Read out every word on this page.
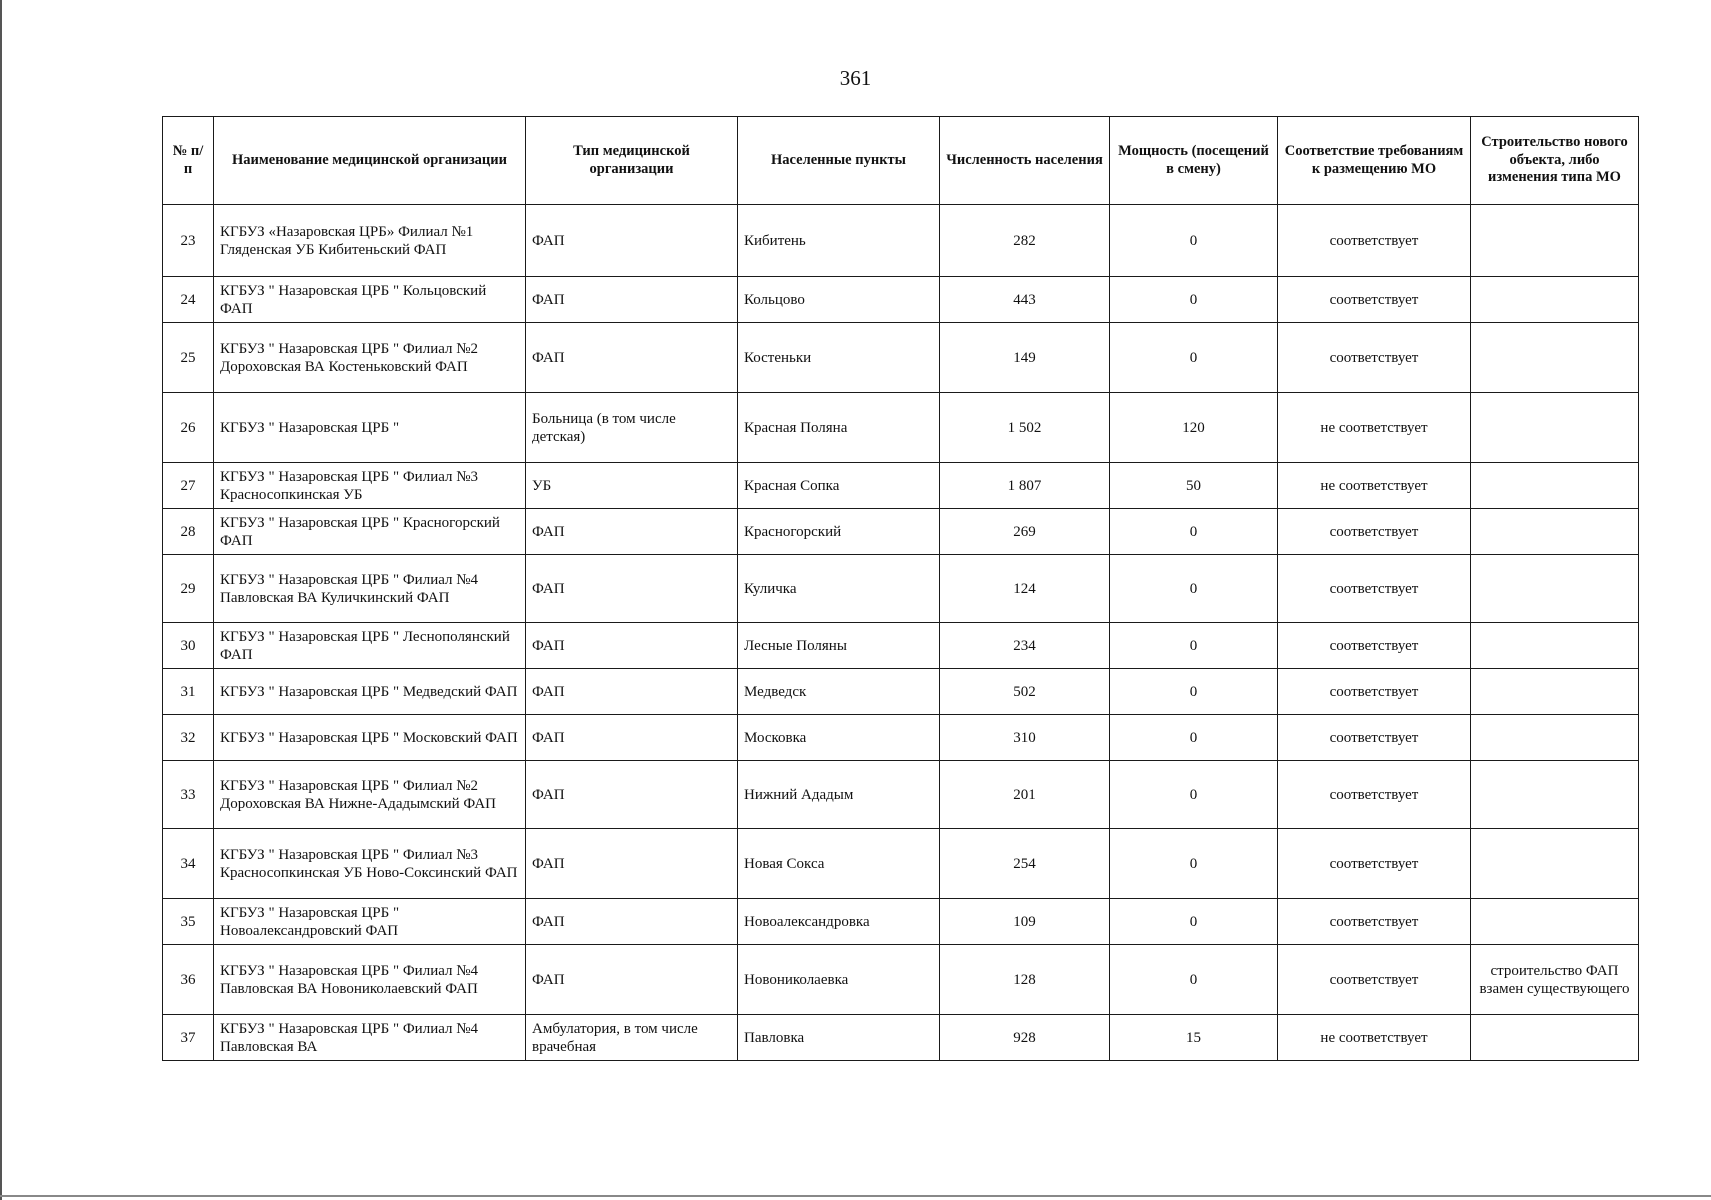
361
№ п/п	Наименование медицинской организации	Тип медицинской организации	Населенные пункты	Численность населения	Мощность (посещений в смену)	Соответствие требованиям к размещению МО	Строительство нового объекта, либо изменения типа МО
23	КГБУЗ «Назаровская ЦРБ» Филиал №1 Гляденская УБ Кибитеньский ФАП	ФАП	Кибитень	282	0	соответствует	
24	КГБУЗ " Назаровская ЦРБ " Кольцовский ФАП	ФАП	Кольцово	443	0	соответствует	
25	КГБУЗ " Назаровская ЦРБ " Филиал №2 Дороховская ВА Костеньковский ФАП	ФАП	Костеньки	149	0	соответствует	
26	КГБУЗ " Назаровская ЦРБ "	Больница (в том числе детская)	Красная Поляна	1 502	120	не соответствует	
27	КГБУЗ " Назаровская ЦРБ " Филиал №3 Красносопкинская УБ	УБ	Красная Сопка	1 807	50	не соответствует	
28	КГБУЗ " Назаровская ЦРБ " Красногорский ФАП	ФАП	Красногорский	269	0	соответствует	
29	КГБУЗ " Назаровская ЦРБ " Филиал №4 Павловская ВА Куличкинский ФАП	ФАП	Куличка	124	0	соответствует	
30	КГБУЗ " Назаровская ЦРБ " Леснополянский ФАП	ФАП	Лесные Поляны	234	0	соответствует	
31	КГБУЗ " Назаровская ЦРБ " Медведский ФАП	ФАП	Медведск	502	0	соответствует	
32	КГБУЗ " Назаровская ЦРБ " Московский ФАП	ФАП	Московка	310	0	соответствует	
33	КГБУЗ " Назаровская ЦРБ " Филиал №2 Дороховская ВА Нижне-Ададымский ФАП	ФАП	Нижний Ададым	201	0	соответствует	
34	КГБУЗ " Назаровская ЦРБ " Филиал №3 Красносопкинская УБ Ново-Соксинский ФАП	ФАП	Новая Сокса	254	0	соответствует	
35	КГБУЗ " Назаровская ЦРБ " Новоалександровский ФАП	ФАП	Новоалександровка	109	0	соответствует	
36	КГБУЗ " Назаровская ЦРБ " Филиал №4 Павловская ВА Новониколаевский ФАП	ФАП	Новониколаевка	128	0	соответствует	строительство ФАП взамен существующего
37	КГБУЗ " Назаровская ЦРБ " Филиал №4 Павловская ВА	Амбулатория, в том числе врачебная	Павловка	928	15	не соответствует	
